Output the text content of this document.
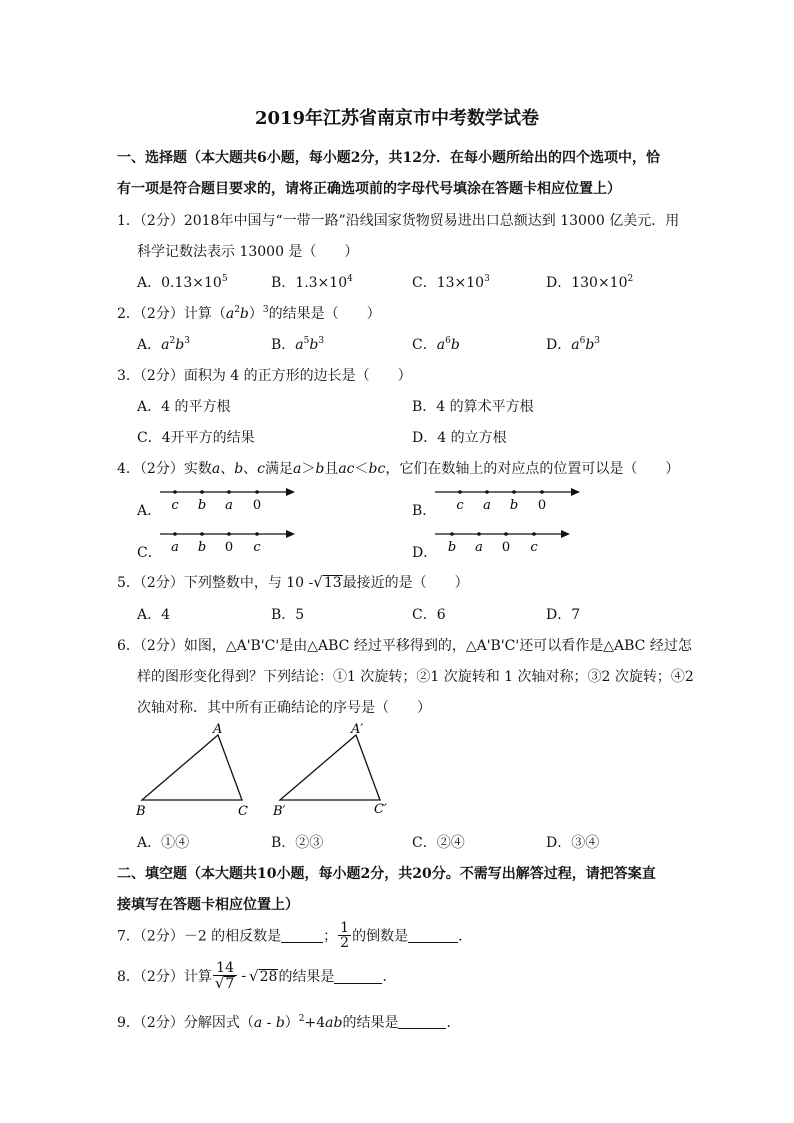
2019年江苏省南京市中考数学试卷
一、选择题（本大题共6小题，每小题2分，共12分．在每小题所给出的四个选项中，恰
有一项是符合题目要求的，请将正确选项前的字母代号填涂在答题卡相应位置上）
1．（2分）2018年中国与“一带一路”沿线国家货物贸易进出口总额达到 13000 亿美元．用
科学记数法表示 13000 是（　　）
A．$0.13\times 10^5$	B．$1.3\times 10^4$	C．$13\times 10^3$	D．$130\times 10^2$
2．（2分）计算$(a^2b)^3$的结果是（　　）
A．$a^2b^3$	B．$a^5b^3$	C．$a^6b$	D．$a^6b^3$
3．（2分）面积为 4 的正方形的边长是（　　）
A．4 的平方根	B．4 的算术平方根
C．4开平方的结果	D．4 的立方根
4．（2分）实数a、b、c满足a＞b且ac＜bc，它们在数轴上的对应点的位置可以是（　　）
A．	B．
C．	D．
c b a 0	c a b 0
a b 0 c	b a 0 c
5．（2分）下列整数中，与 10 -√13最接近的是（　　）
A．4	B．5	C．6	D．7
6．（2分）如图，△A'B'C'是由△ABC 经过平移得到的，△A'B'C'还可以看作是△ABC 经过怎
样的图形变化得到？下列结论：①1 次旋转；②1 次旋转和 1 次轴对称；③2 次旋转；④2
次轴对称．其中所有正确结论的序号是（　　）
A
B	C
A′
B′	C′
A．①④	B．②③	C．②④	D．③④
二、填空题（本大题共10小题，每小题2分，共20分。不需写出解答过程，请把答案直
接填写在答题卡相应位置上）
7．（2分）－2 的相反数是	； $\frac{1}{2}$ 的倒数是	．
8．（2分）计算 $\frac{14}{√7} - √28$的结果是	．
9．（2分）分解因式（a - b）$^2$+4ab的结果是	．
